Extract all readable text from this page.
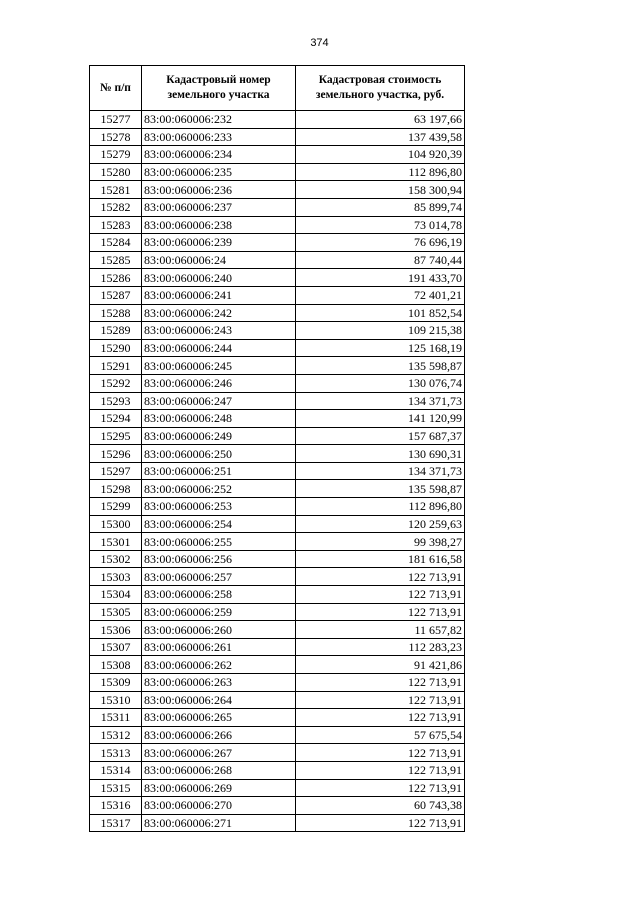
374
№ п/п	Кадастровый номер земельного участка	Кадастровая стоимость земельного участка, руб.
15277	83:00:060006:232	63 197,66
15278	83:00:060006:233	137 439,58
15279	83:00:060006:234	104 920,39
15280	83:00:060006:235	112 896,80
15281	83:00:060006:236	158 300,94
15282	83:00:060006:237	85 899,74
15283	83:00:060006:238	73 014,78
15284	83:00:060006:239	76 696,19
15285	83:00:060006:24	87 740,44
15286	83:00:060006:240	191 433,70
15287	83:00:060006:241	72 401,21
15288	83:00:060006:242	101 852,54
15289	83:00:060006:243	109 215,38
15290	83:00:060006:244	125 168,19
15291	83:00:060006:245	135 598,87
15292	83:00:060006:246	130 076,74
15293	83:00:060006:247	134 371,73
15294	83:00:060006:248	141 120,99
15295	83:00:060006:249	157 687,37
15296	83:00:060006:250	130 690,31
15297	83:00:060006:251	134 371,73
15298	83:00:060006:252	135 598,87
15299	83:00:060006:253	112 896,80
15300	83:00:060006:254	120 259,63
15301	83:00:060006:255	99 398,27
15302	83:00:060006:256	181 616,58
15303	83:00:060006:257	122 713,91
15304	83:00:060006:258	122 713,91
15305	83:00:060006:259	122 713,91
15306	83:00:060006:260	11 657,82
15307	83:00:060006:261	112 283,23
15308	83:00:060006:262	91 421,86
15309	83:00:060006:263	122 713,91
15310	83:00:060006:264	122 713,91
15311	83:00:060006:265	122 713,91
15312	83:00:060006:266	57 675,54
15313	83:00:060006:267	122 713,91
15314	83:00:060006:268	122 713,91
15315	83:00:060006:269	122 713,91
15316	83:00:060006:270	60 743,38
15317	83:00:060006:271	122 713,91
